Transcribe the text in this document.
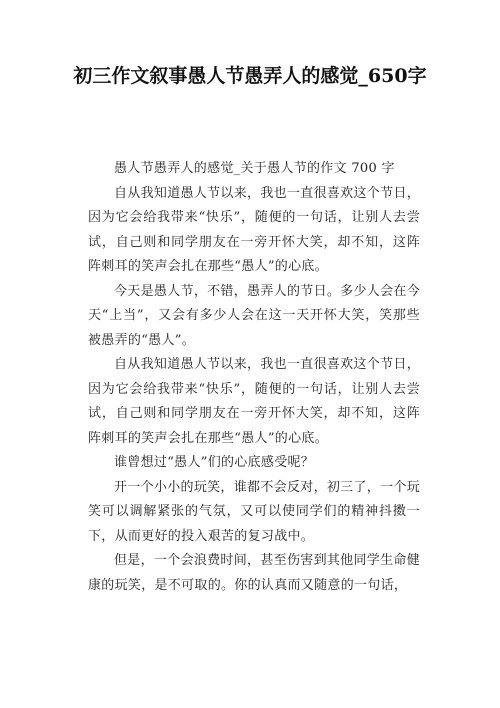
初三作文叙事愚人节愚弄人的感觉_650字

愚人节愚弄人的感觉_关于愚人节的作文 700 字

自从我知道愚人节以来，我也一直很喜欢这个节日，因为它会给我带来“快乐”，随便的一句话，让别人去尝试，自己则和同学朋友在一旁开怀大笑，却不知，这阵阵刺耳的笑声会扎在那些“愚人”的心底。

今天是愚人节，不错，愚弄人的节日。多少人会在今天“上当”，又会有多少人会在这一天开怀大笑，笑那些被愚弄的“愚人”。

自从我知道愚人节以来，我也一直很喜欢这个节日，因为它会给我带来“快乐”，随便的一句话，让别人去尝试，自己则和同学朋友在一旁开怀大笑，却不知，这阵阵刺耳的笑声会扎在那些“愚人”的心底。

谁曾想过“愚人”们的心底感受呢？

开一个小小的玩笑，谁都不会反对，初三了，一个玩笑可以调解紧张的气氛，又可以使同学们的精神抖擞一下，从而更好的投入艰苦的复习战中。

但是，一个会浪费时间，甚至伤害到其他同学生命健康的玩笑，是不可取的。你的认真而又随意的一句话，
